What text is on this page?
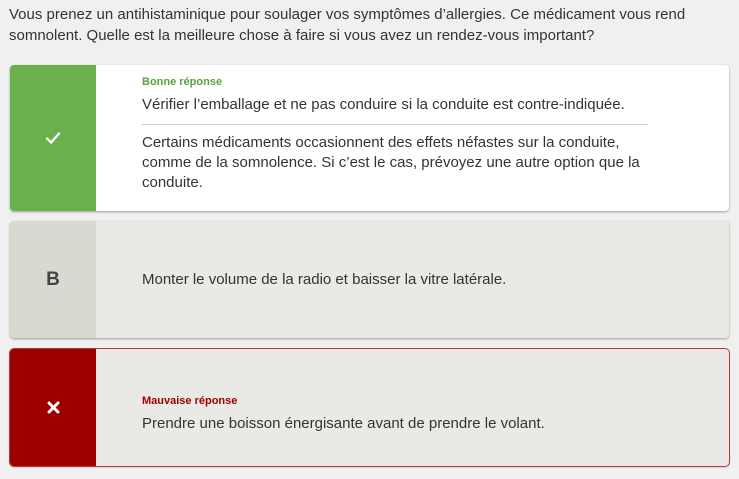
Vous prenez un antihistaminique pour soulager vos symptômes d’allergies. Ce médicament vous rend somnolent. Quelle est la meilleure chose à faire si vous avez un rendez-vous important?
Bonne réponse
Vérifier l’emballage et ne pas conduire si la conduite est contre-indiquée.
Certains médicaments occasionnent des effets néfastes sur la conduite, comme de la somnolence. Si c’est le cas, prévoyez une autre option que la conduite.
B	Monter le volume de la radio et baisser la vitre latérale.
Mauvaise réponse
Prendre une boisson énergisante avant de prendre le volant.
